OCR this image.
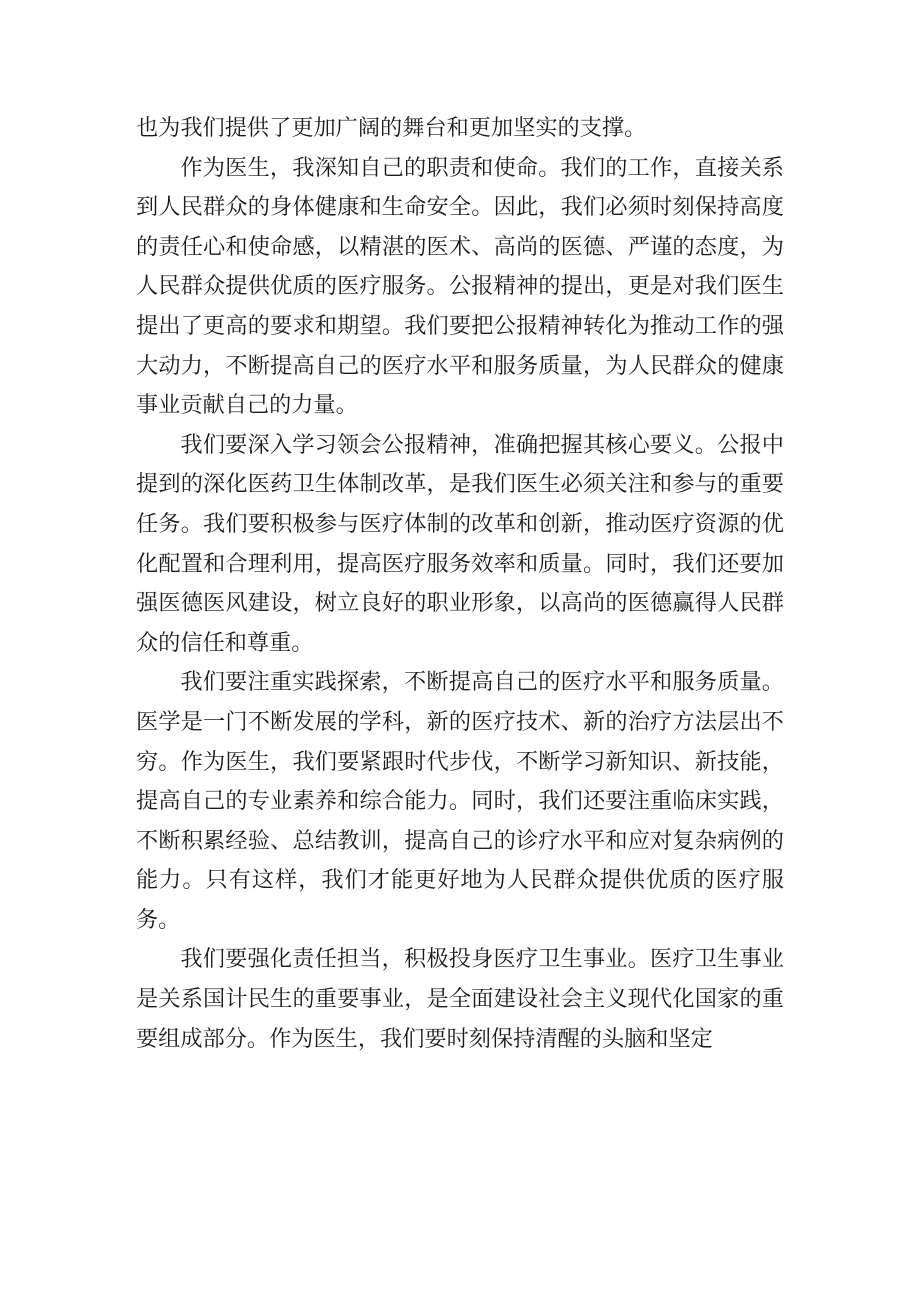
也为我们提供了更加广阔的舞台和更加坚实的支撑。

作为医生，我深知自己的职责和使命。我们的工作，直接关系到人民群众的身体健康和生命安全。因此，我们必须时刻保持高度的责任心和使命感，以精湛的医术、高尚的医德、严谨的态度，为人民群众提供优质的医疗服务。公报精神的提出，更是对我们医生提出了更高的要求和期望。我们要把公报精神转化为推动工作的强大动力，不断提高自己的医疗水平和服务质量，为人民群众的健康事业贡献自己的力量。

我们要深入学习领会公报精神，准确把握其核心要义。公报中提到的深化医药卫生体制改革，是我们医生必须关注和参与的重要任务。我们要积极参与医疗体制的改革和创新，推动医疗资源的优化配置和合理利用，提高医疗服务效率和质量。同时，我们还要加强医德医风建设，树立良好的职业形象，以高尚的医德赢得人民群众的信任和尊重。

我们要注重实践探索，不断提高自己的医疗水平和服务质量。医学是一门不断发展的学科，新的医疗技术、新的治疗方法层出不穷。作为医生，我们要紧跟时代步伐，不断学习新知识、新技能，提高自己的专业素养和综合能力。同时，我们还要注重临床实践，不断积累经验、总结教训，提高自己的诊疗水平和应对复杂病例的能力。只有这样，我们才能更好地为人民群众提供优质的医疗服务。

我们要强化责任担当，积极投身医疗卫生事业。医疗卫生事业是关系国计民生的重要事业，是全面建设社会主义现代化国家的重要组成部分。作为医生，我们要时刻保持清醒的头脑和坚定
